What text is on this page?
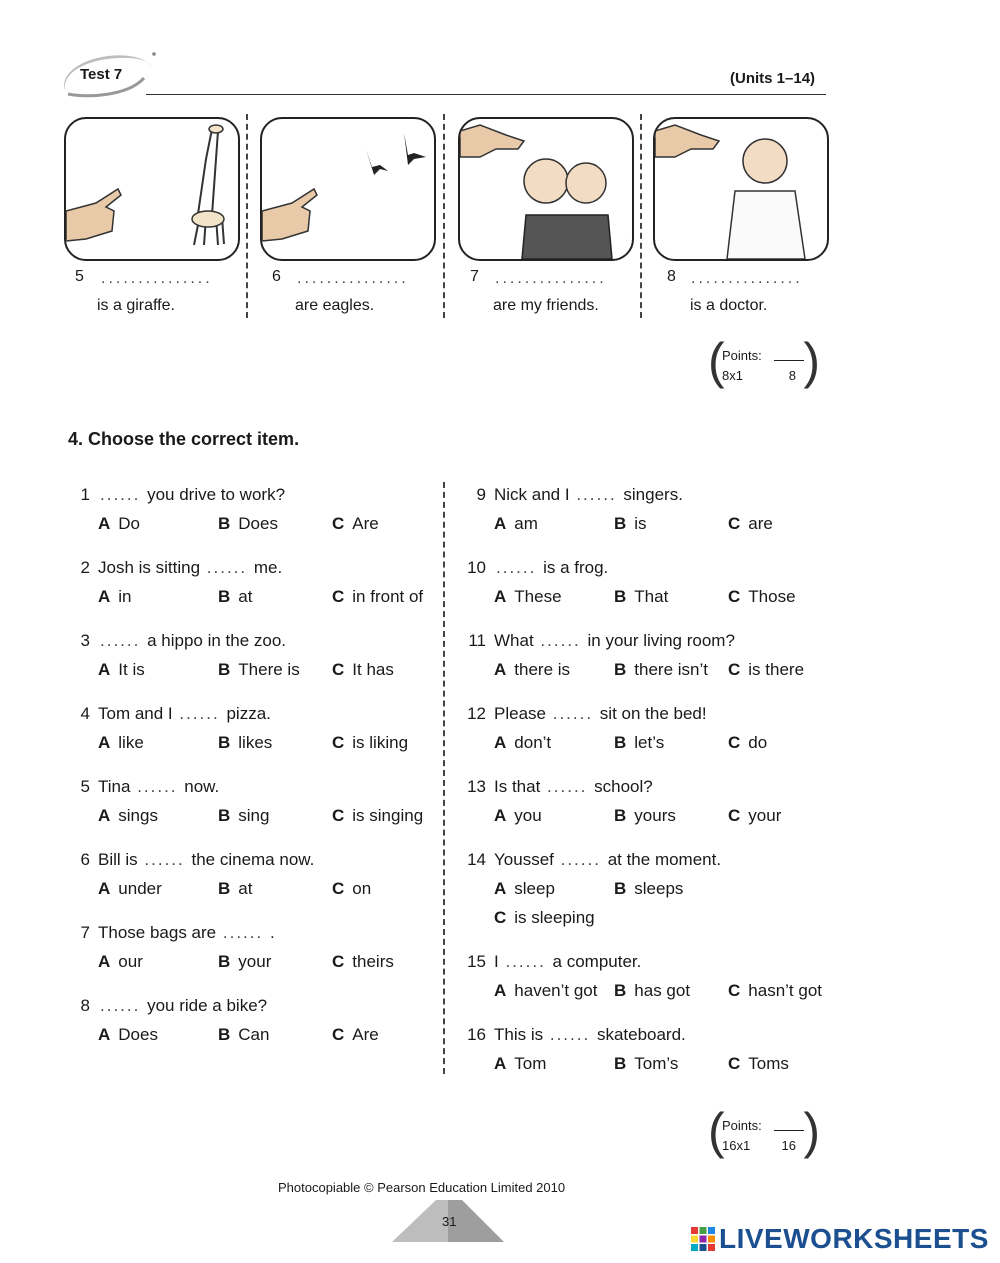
Test 7	(Units 1–14)
5 ...............
is a giraffe.
6 ...............
are eagles.
7 ...............
are my friends.
8 ...............
is a doctor.
(
Points:
8x1	8 )
4. Choose the correct item.
1 ...... you drive to work?
A Do	B Does	C Are
2 Josh is sitting ...... me.
A in	B at	C in front of
3 ...... a hippo in the zoo.
A It is	B There is C It has
4 Tom and I ...... pizza.
A like	B likes	C is liking
5 Tina ...... now.
A sings	B sing	C is singing
6 Bill is ...... the cinema now.
A under	B at	C on
7 Those bags are ...... .
A our	B your	C theirs
8 ...... you ride a bike?
A Does	B Can	C Are
9 Nick and I ...... singers.
A am	B is	C are
10 ...... is a frog.
A These	B That	C Those
11 What ...... in your living room?
A there is	B there isn’t C is there
12 Please ...... sit on the bed!
A don’t	B let’s	C do
13 Is that ...... school?
A you	B yours	C your
14 Youssef ...... at the moment.
A sleep	B sleeps
C is sleeping
15 I ...... a computer.
A haven’t got B has got C hasn’t got
16 This is ...... skateboard.
A Tom	B Tom’s	C Toms
(
Points:
16x1 16 )
Photocopiable © Pearson Education Limited 2010
31
LIVEWORKSHEETS
